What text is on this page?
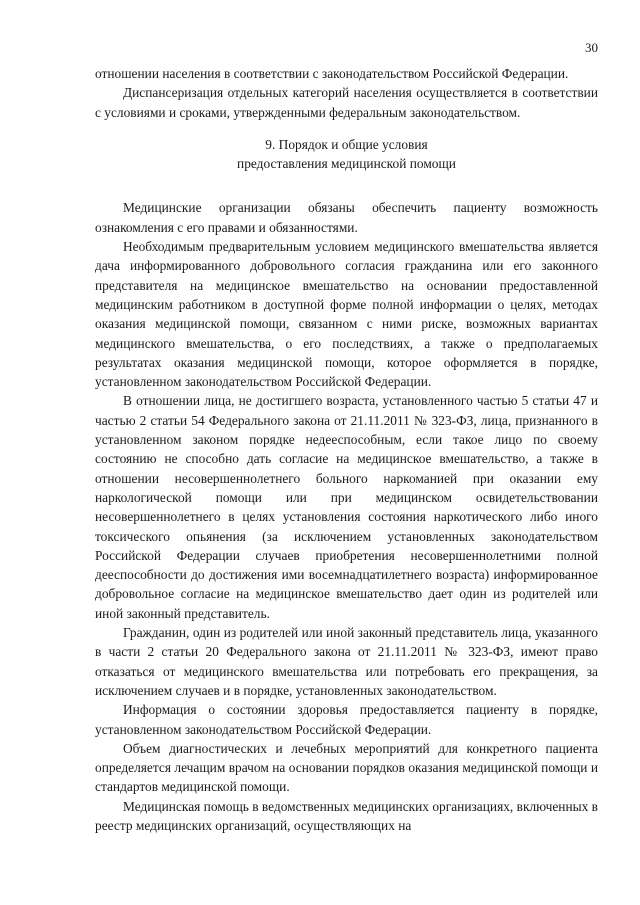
30

отношении населения в соответствии с законодательством Российской Федерации.

Диспансеризация отдельных категорий населения осуществляется в соответствии с условиями и сроками, утвержденными федеральным законодательством.

9. Порядок и общие условия
предоставления медицинской помощи

Медицинские организации обязаны обеспечить пациенту возможность ознакомления с его правами и обязанностями.

Необходимым предварительным условием медицинского вмешательства является дача информированного добровольного согласия гражданина или его законного представителя на медицинское вмешательство на основании предоставленной медицинским работником в доступной форме полной информации о целях, методах оказания медицинской помощи, связанном с ними риске, возможных вариантах медицинского вмешательства, о его последствиях, а также о предполагаемых результатах оказания медицинской помощи, которое оформляется в порядке, установленном законодательством Российской Федерации.

В отношении лица, не достигшего возраста, установленного частью 5 статьи 47 и частью 2 статьи 54 Федерального закона от 21.11.2011 № 323-ФЗ, лица, признанного в установленном законом порядке недееспособным, если такое лицо по своему состоянию не способно дать согласие на медицинское вмешательство, а также в отношении несовершеннолетнего больного наркоманией при оказании ему наркологической помощи или при медицинском освидетельствовании несовершеннолетнего в целях установления состояния наркотического либо иного токсического опьянения (за исключением установленных законодательством Российской Федерации случаев приобретения несовершеннолетними полной дееспособности до достижения ими восемнадцатилетнего возраста) информированное добровольное согласие на медицинское вмешательство дает один из родителей или иной законный представитель.

Гражданин, один из родителей или иной законный представитель лица, указанного в части 2 статьи 20 Федерального закона от 21.11.2011 № 323-ФЗ, имеют право отказаться от медицинского вмешательства или потребовать его прекращения, за исключением случаев и в порядке, установленных законодательством.

Информация о состоянии здоровья предоставляется пациенту в порядке, установленном законодательством Российской Федерации.

Объем диагностических и лечебных мероприятий для конкретного пациента определяется лечащим врачом на основании порядков оказания медицинской помощи и стандартов медицинской помощи.

Медицинская помощь в ведомственных медицинских организациях, включенных в реестр медицинских организаций, осуществляющих на
